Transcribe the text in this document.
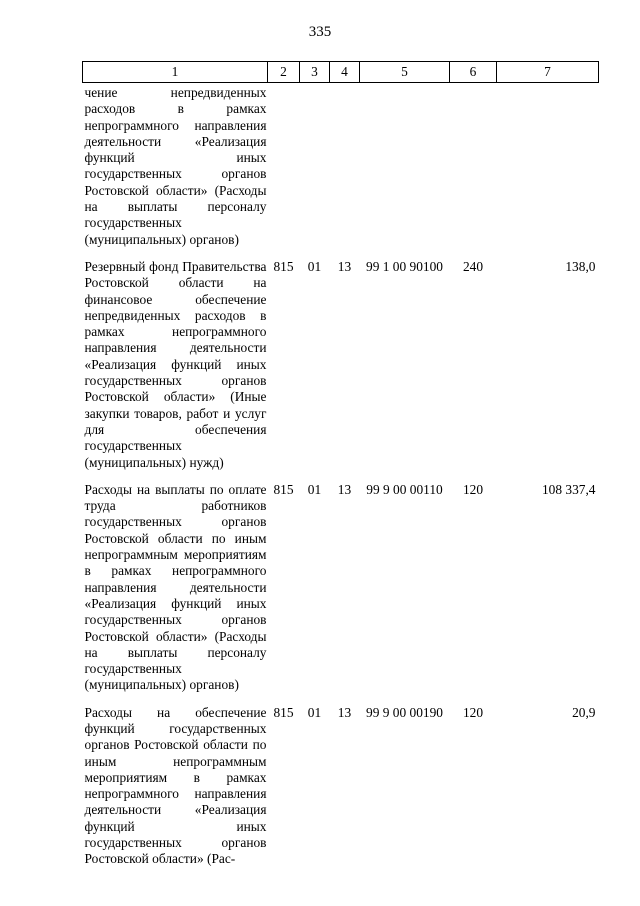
335
1	2	3	4	5	6	7
чение непредвиденных расходов в рамках непрограммного направления деятельности «Реализация функций иных государственных органов Ростовской области» (Расходы на выплаты персоналу государственных (муниципальных) органов)						

Резервный фонд Правительства Ростовской области на финансовое обеспечение непредвиденных расходов в рамках непрограммного направления деятельности «Реализация функций иных государственных органов Ростовской области» (Иные закупки товаров, работ и услуг для обеспечения государственных (муниципальных) нужд)	815	01	13	99 1 00 90100	240	138,0

Расходы на выплаты по оплате труда работников государственных органов Ростовской области по иным непрограммным мероприятиям в рамках непрограммного направления деятельности «Реализация функций иных государственных органов Ростовской области» (Расходы на выплаты персоналу государственных (муниципальных) органов)	815	01	13	99 9 00 00110	120	108 337,4

Расходы на обеспечение функций государственных органов Ростовской области по иным непрограммным мероприятиям в рамках непрограммного направления деятельности «Реализация функций иных государственных органов Ростовской области» (Рас-	815	01	13	99 9 00 00190	120	20,9
